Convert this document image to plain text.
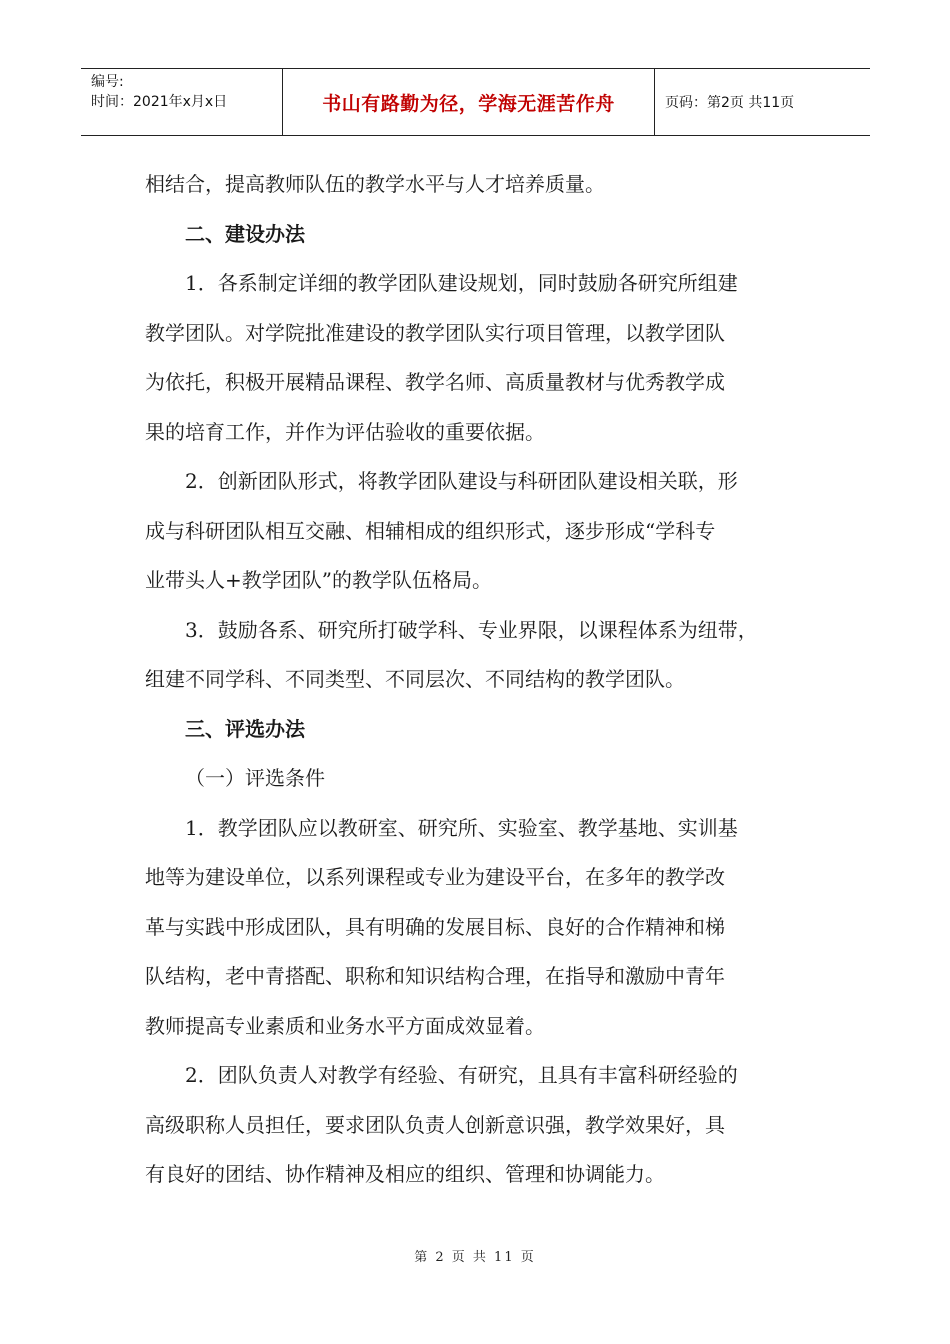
编号:
时间：2021年x月x日	书山有路勤为径，学海无涯苦作舟	页码：第2页 共11页
相结合，提高教师队伍的教学水平与人才培养质量。
二、建设办法
1．各系制定详细的教学团队建设规划，同时鼓励各研究所组建
教学团队。对学院批准建设的教学团队实行项目管理，以教学团队
为依托，积极开展精品课程、教学名师、高质量教材与优秀教学成
果的培育工作，并作为评估验收的重要依据。
2．创新团队形式，将教学团队建设与科研团队建设相关联，形
成与科研团队相互交融、相辅相成的组织形式，逐步形成“学科专
业带头人+教学团队”的教学队伍格局。
3．鼓励各系、研究所打破学科、专业界限，以课程体系为纽带，
组建不同学科、不同类型、不同层次、不同结构的教学团队。
三、评选办法
（一）评选条件
1．教学团队应以教研室、研究所、实验室、教学基地、实训基
地等为建设单位，以系列课程或专业为建设平台，在多年的教学改
革与实践中形成团队，具有明确的发展目标、良好的合作精神和梯
队结构，老中青搭配、职称和知识结构合理，在指导和激励中青年
教师提高专业素质和业务水平方面成效显着。
2．团队负责人对教学有经验、有研究，且具有丰富科研经验的
高级职称人员担任，要求团队负责人创新意识强，教学效果好，具
有良好的团结、协作精神及相应的组织、管理和协调能力。
第 2 页 共 11 页
